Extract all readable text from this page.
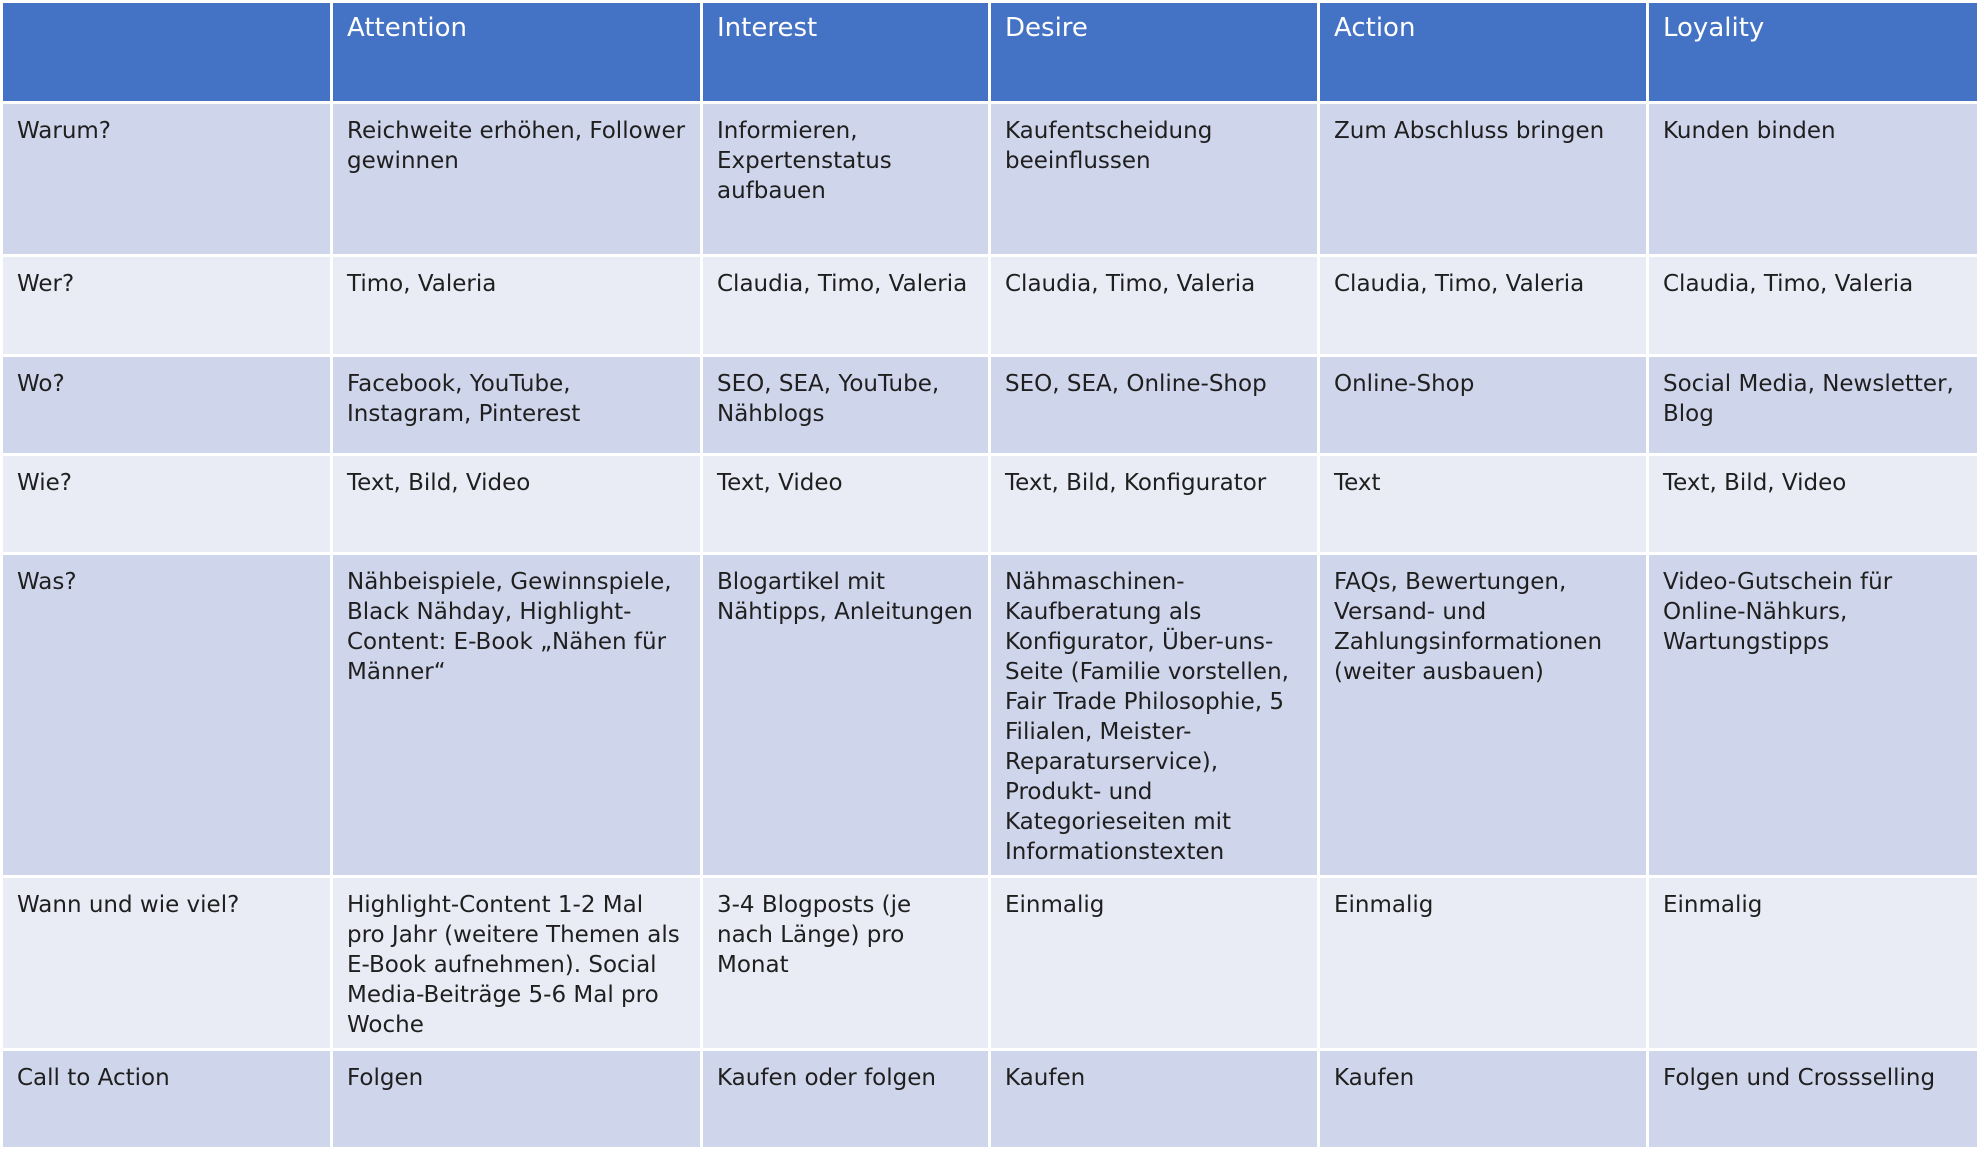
	Attention	Interest	Desire	Action	Loyality
Warum?	Reichweite erhöhen, Follower gewinnen	Informieren, Expertenstatus aufbauen	Kaufentscheidung beeinflussen	Zum Abschluss bringen	Kunden binden
Wer?	Timo, Valeria	Claudia, Timo, Valeria	Claudia, Timo, Valeria	Claudia, Timo, Valeria	Claudia, Timo, Valeria
Wo?	Facebook, YouTube, Instagram, Pinterest	SEO, SEA, YouTube, Nähblogs	SEO, SEA, Online-Shop	Online-Shop	Social Media, Newsletter, Blog
Wie?	Text, Bild, Video	Text, Video	Text, Bild, Konfigurator	Text	Text, Bild, Video
Was?	Nähbeispiele, Gewinnspiele, Black Nähday, Highlight-Content: E-Book „Nähen für Männer“	Blogartikel mit Nähtipps, Anleitungen	Nähmaschinen-Kaufberatung als Konfigurator, Über-uns-Seite (Familie vorstellen, Fair Trade Philosophie, 5 Filialen, Meister-Reparaturservice), Produkt- und Kategorieseiten mit Informationstexten	FAQs, Bewertungen, Versand- und Zahlungsinformationen (weiter ausbauen)	Video-Gutschein für Online-Nähkurs, Wartungstipps
Wann und wie viel?	Highlight-Content 1-2 Mal pro Jahr (weitere Themen als E-Book aufnehmen). Social Media-Beiträge 5-6 Mal pro Woche	3-4 Blogposts (je nach Länge) pro Monat	Einmalig	Einmalig	Einmalig
Call to Action	Folgen	Kaufen oder folgen	Kaufen	Kaufen	Folgen und Crossselling
